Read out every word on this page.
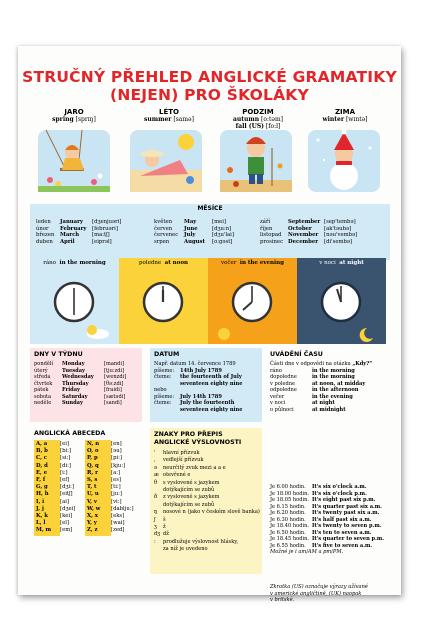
STRUČNÝ PŘEHLED ANGLICKÉ GRAMATIKY
(NEJEN) PRO ŠKOLÁKY
JARO
spring [sprɪŋ]
LÉTO
summer [samə]
PODZIM
autumn [o:təm]
fall (US) [fo:l]
ZIMA
winter [wɪntə]
MĚSÍCE
leden January [dʒenjuəri]
únor February [februəri]
březen March [ma:tʃ]
duben April	[eiprəl]
květen May	[mei]
červen June	[dʒu:n]
červenec July	[dʒu'lai]
srpen	August [o:gəst]
září	September [sep'tembə]
říjen	October [ak'təubə]
listopad November [nəu'vembə]
prosinec December [di'sembə]
ráno in the morning	poledne at noon	večer in the evening	v noci at night
DNY V TÝDNU
pondělí Monday	[mandi]
úterý	Tuesday	[tju:zdi]
středa Wednesday [wenzdi]
čtvrtek Thursday	[θə:zdi]
pátek	Friday	[fraidi]
sobota Saturday	[sætədi]
neděle Sunday	[sandi]
DATUM
Např. datum 14. července 1789
píšeme: 14th July 1789
čteme: the fourteenth of July
seventeen eighty nine
nebo
píšeme: July 14th 1789
čteme: July the fourteenth
seventeen eighty nine
UVÁDĚNÍ ČASU
Části dne v odpovědi na otázku „Kdy?“
ráno	in the morning
dopoledne	in the morning
v poledne	at noon, at midday
odpoledne	in the afternoon
večer	in the evening
v noci	at night
o půlnoci	at midnight
Je 6.00 hodin. It's six o'clock a.m.
Je 18.00 hodin. It's six o'clock p.m.
Je 18.05 hodin. It's eight past six p.m.
Je 6.15 hodin. It's quarter past six a.m.
Je 6.20 hodin. It's twenty past six a.m.
Je 6.30 hodin. It's half past six a.m.
Je 18.40 hodin. It's twenty to seven p.m.
Je 6.50 hodin. It's ten to seven a.m.
Je 18.45 hodin. It's quarter to seven p.m.
Je 6.55 hodin. It's five to seven a.m.
Možné je i am/AM a pm/PM.
Zkratka (US) označuje výrazy užívané
v americké angličtině, (UK) naopak
v britské.
ANGLICKÁ ABECEDA
A, a [ei]
B, b [bi:]
C, c [si:]
D, d [di:]
E, e [i:]
F, f	[ef]
G, g [dʒi:]
H, h [eitʃ]
I, i	[ai]
J, j	[dʒei]
K, k [kei]
L, l	[el]
M, m [em]
N, n [en]
O, o [əu]
P, p	[pi:]
Q, q [kju:]
R, r [a:]
S, s	[es]
T, t	[ti:]
U, u [ju:]
V, v	[vi:]
W, w [dablju:]
X, x [eks]
Y, y	[wai]
Z, z	[zed]
ZNAKY PRO PŘEPIS
ANGLICKÉ VÝSLOVNOSTI
' hlavní přízvuk
, vedlejší přízvuk
ə neurčitý zvuk mezi a a e
æ otevřené e
θ s vyslovené s jazykem
dotýkajícím se zubů
ð z vyslovené s jazykem
dotýkajícím se zubů
ŋ nosové n (jako v českém slově banka)
ʃ š
ʒ ž
dʒ dž
: prodlužuje výslovnost hlásky,
za níž je uvedeno
